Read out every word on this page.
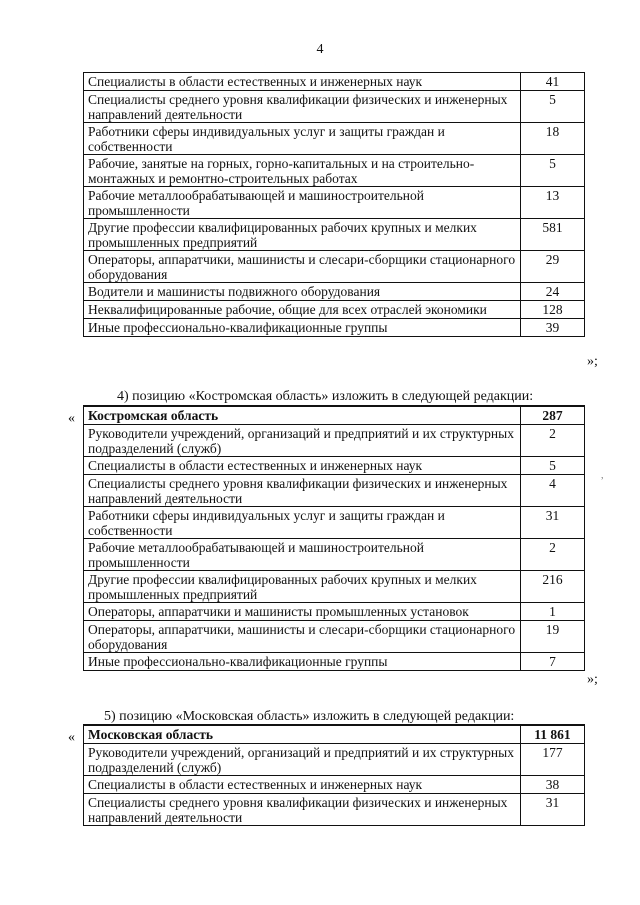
4
Специалисты в области естественных и инженерных наук	41
Специалисты среднего уровня квалификации физических и инженерных направлений деятельности	5
Работники сферы индивидуальных услуг и защиты граждан и собственности	18
Рабочие, занятые на горных, горно-капитальных и на строительно-монтажных и ремонтно-строительных работах	5
Рабочие металлообрабатывающей и машиностроительной промышленности	13
Другие профессии квалифицированных рабочих крупных и мелких промышленных предприятий	581
Операторы, аппаратчики, машинисты и слесари-сборщики стационарного оборудования	29
Водители и машинисты подвижного оборудования	24
Неквалифицированные рабочие, общие для всех отраслей экономики	128
Иные профессионально-квалификационные группы	39
»;
4) позицию «Костромская область» изложить в следующей редакции:
« Костромская область	287
Руководители учреждений, организаций и предприятий и их структурных подразделений (служб)	2
Специалисты в области естественных и инженерных наук	5
Специалисты среднего уровня квалификации физических и инженерных направлений деятельности	4
Работники сферы индивидуальных услуг и защиты граждан и собственности	31
Рабочие металлообрабатывающей и машиностроительной промышленности	2
Другие профессии квалифицированных рабочих крупных и мелких промышленных предприятий	216
Операторы, аппаратчики и машинисты промышленных установок	1
Операторы, аппаратчики, машинисты и слесари-сборщики стационарного оборудования	19
Иные профессионально-квалификационные группы	7
»;
5) позицию «Московская область» изложить в следующей редакции:
« Московская область	11 861
Руководители учреждений, организаций и предприятий и их структурных подразделений (служб)	177
Специалисты в области естественных и инженерных наук	38
Специалисты среднего уровня квалификации физических и инженерных направлений деятельности	31
,
